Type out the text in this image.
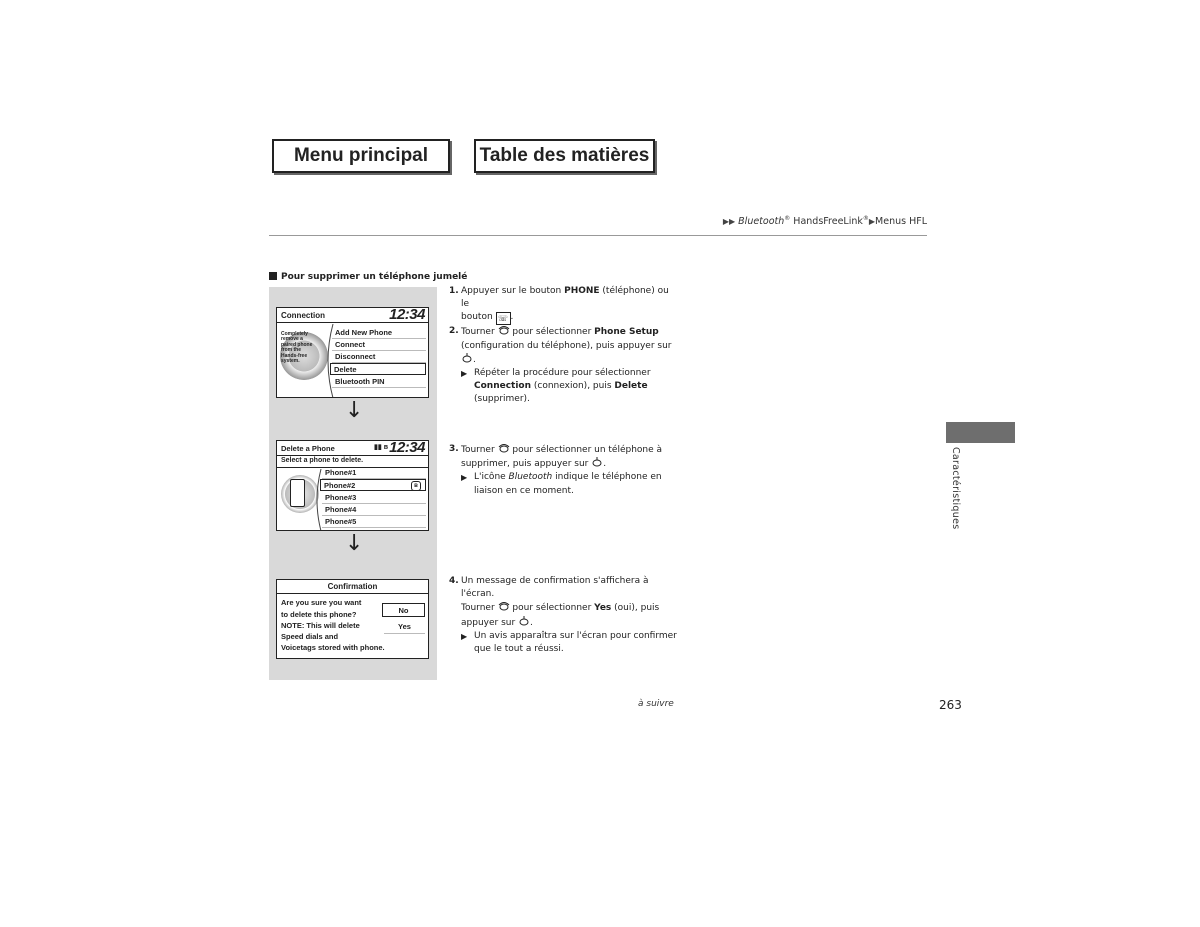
Menu principal	Table des matières
▶▶ Bluetooth® HandsFreeLink®▶Menus HFL
Pour supprimer un téléphone jumelé
Connection	12:34
Completely remove a paired phone from the Hands-free system.
Add New Phone
Connect
Disconnect
Delete
Bluetooth PIN
↓
Delete a Phone	▮▮ ʙ 12:34
Select a phone to delete.
Phone#1
Phone#2	ʙ
Phone#3
Phone#4
Phone#5
↓
Confirmation
Are you sure you want
to delete this phone?
NOTE: This will delete
Speed dials and
Voicetags stored with phone.
No
Yes
1. Appuyer sur le bouton PHONE (téléphone) ou le
bouton ☏ .
2. Tourner  pour sélectionner Phone Setup
(configuration du téléphone), puis appuyer sur
.
▶ Répéter la procédure pour sélectionner
Connection (connexion), puis Delete
(supprimer).
3. Tourner  pour sélectionner un téléphone à
supprimer, puis appuyer sur .
▶ L'icône Bluetooth indique le téléphone en
liaison en ce moment.
4. Un message de confirmation s'affichera à l'écran.
Tourner  pour sélectionner Yes (oui), puis
appuyer sur .
▶ Un avis apparaîtra sur l'écran pour confirmer
que le tout a réussi.
Caractéristiques
à suivre	263
